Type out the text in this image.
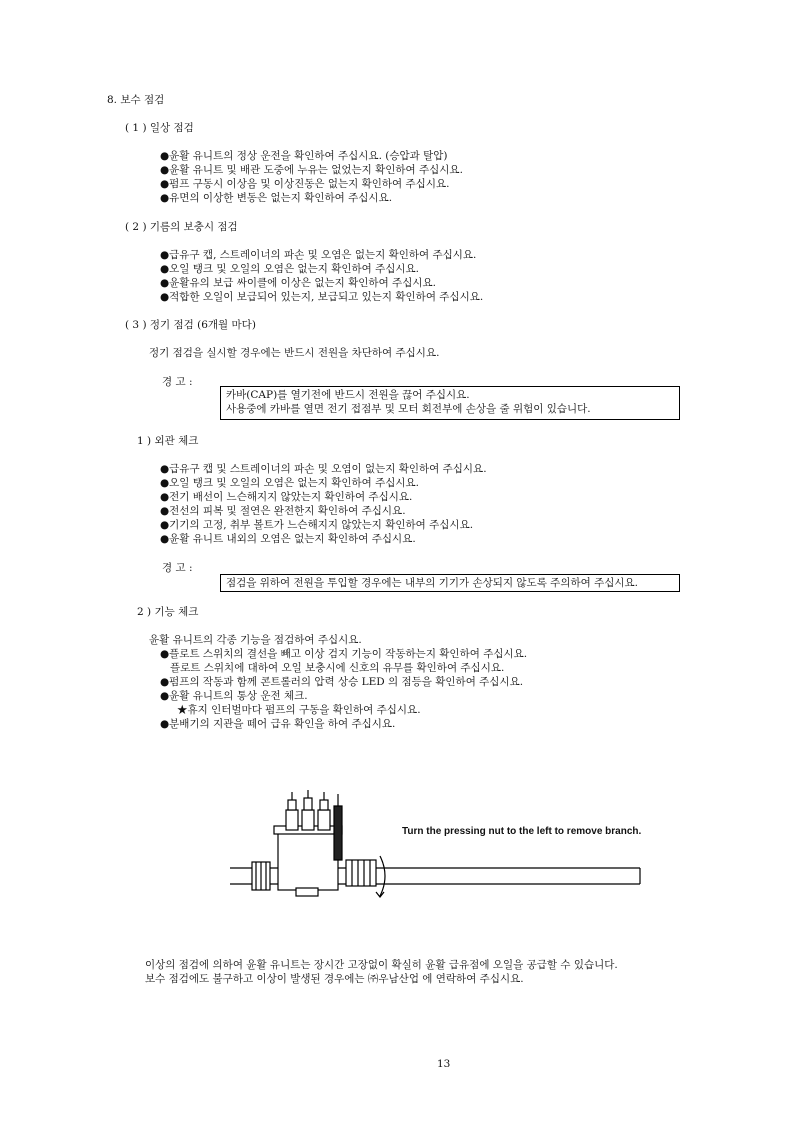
8. 보수 점검
( 1 ) 일상 점검
●윤활 유니트의 정상 운전을 확인하여 주십시요. (승압과 탈압)
●윤활 유니트 및 배관 도중에 누유는 없었는지 확인하여 주십시요.
●펌프 구동시 이상음 및 이상진동은 없는지 확인하여 주십시요.
●유면의 이상한 변동은 없는지 확인하여 주십시요.
( 2 ) 기름의 보충시 점검
●급유구 캡, 스트레이너의 파손 및 오염은 없는지 확인하여 주십시요.
●오일 탱크 및 오일의 오염은 없는지 확인하여 주십시요.
●윤활유의 보급 싸이클에 이상은 없는지 확인하여 주십시요.
●적합한 오일이 보급되어 있는지, 보급되고 있는지 확인하여 주십시요.
( 3 ) 정기 점검 (6개월 마다)
정기 점검을 실시할 경우에는 반드시 전원을 차단하여 주십시요.
경 고 :
카바(CAP)를 열기전에 반드시 전원을 끊어 주십시요.
사용중에 카바를 열면 전기 접점부 및 모터 회전부에 손상을 줄 위험이 있습니다.
1 ) 외관 체크
●급유구 캡 및 스트레이너의 파손 및 오염이 없는지 확인하여 주십시요.
●오일 탱크 및 오일의 오염은 없는지 확인하여 주십시요.
●전기 배선이 느슨해지지 않았는지 확인하여 주십시요.
●전선의 피복 및 절연은 완전한지 확인하여 주십시요.
●기기의 고정, 취부 볼트가 느슨해지지 않았는지 확인하여 주십시요.
●윤활 유니트 내외의 오염은 없는지 확인하여 주십시요.
경 고 :
점검을 위하여 전원을 투입할 경우에는 내부의 기기가 손상되지 않도록 주의하여 주십시요.
2 ) 기능 체크
윤활 유니트의 각종 기능을 점검하여 주십시요.
●플로트 스위치의 결선을 빼고 이상 검지 기능이 작동하는지 확인하여 주십시요.
플로트 스위치에 대하여 오일 보충시에 신호의 유무를 확인하여 주십시요.
●펌프의 작동과 함께 콘트롤러의 압력 상승 LED 의 점등을 확인하여 주십시요.
●윤활 유니트의 통상 운전 체크.
★휴지 인터벌마다 펌프의 구동을 확인하여 주십시요.
●분배기의 지관을 떼어 급유 확인을 하여 주십시요.
Turn the pressing nut to the left to remove branch.
이상의 점검에 의하여 윤활 유니트는 장시간 고장없이 확실히 윤활 급유점에 오일을 공급할 수 있습니다.
보수 점검에도 불구하고 이상이 발생된 경우에는 ㈜우남산업 에 연락하여 주십시요.
13
